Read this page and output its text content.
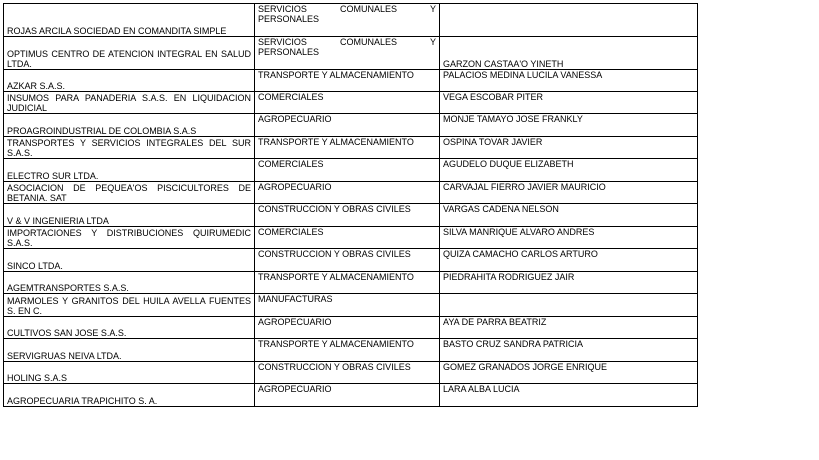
ROJAS ARCILA SOCIEDAD EN COMANDITA SIMPLE	SERVICIOS COMUNALES Y PERSONALES	
OPTIMUS CENTRO DE ATENCION INTEGRAL EN SALUD LTDA.	SERVICIOS COMUNALES Y PERSONALES	GARZON CASTAA'O YINETH
AZKAR S.A.S.	TRANSPORTE Y ALMACENAMIENTO	PALACIOS MEDINA LUCILA VANESSA
INSUMOS PARA PANADERIA S.A.S. EN LIQUIDACION JUDICIAL	COMERCIALES	VEGA ESCOBAR PITER
PROAGROINDUSTRIAL DE COLOMBIA S.A.S	AGROPECUARIO	MONJE TAMAYO JOSE FRANKLY
TRANSPORTES Y SERVICIOS INTEGRALES DEL SUR S.A.S.	TRANSPORTE Y ALMACENAMIENTO	OSPINA TOVAR JAVIER
ELECTRO SUR LTDA.	COMERCIALES	AGUDELO DUQUE ELIZABETH
ASOCIACION DE PEQUEA'OS PISCICULTORES DE BETANIA. SAT	AGROPECUARIO	CARVAJAL FIERRO JAVIER MAURICIO
V & V INGENIERIA LTDA	CONSTRUCCION Y OBRAS CIVILES	VARGAS CADENA NELSON
IMPORTACIONES Y DISTRIBUCIONES QUIRUMEDIC S.A.S.	COMERCIALES	SILVA MANRIQUE ALVARO ANDRES
SINCO LTDA.	CONSTRUCCION Y OBRAS CIVILES	QUIZA CAMACHO CARLOS ARTURO
AGEMTRANSPORTES S.A.S.	TRANSPORTE Y ALMACENAMIENTO	PIEDRAHITA RODRIGUEZ JAIR
MARMOLES Y GRANITOS DEL HUILA AVELLA FUENTES S. EN C.	MANUFACTURAS	
CULTIVOS SAN JOSE S.A.S.	AGROPECUARIO	AYA DE PARRA BEATRIZ
SERVIGRUAS NEIVA LTDA.	TRANSPORTE Y ALMACENAMIENTO	BASTO CRUZ SANDRA PATRICIA
HOLING S.A.S	CONSTRUCCION Y OBRAS CIVILES	GOMEZ GRANADOS JORGE ENRIQUE
AGROPECUARIA TRAPICHITO S. A.	AGROPECUARIO	LARA ALBA LUCIA
